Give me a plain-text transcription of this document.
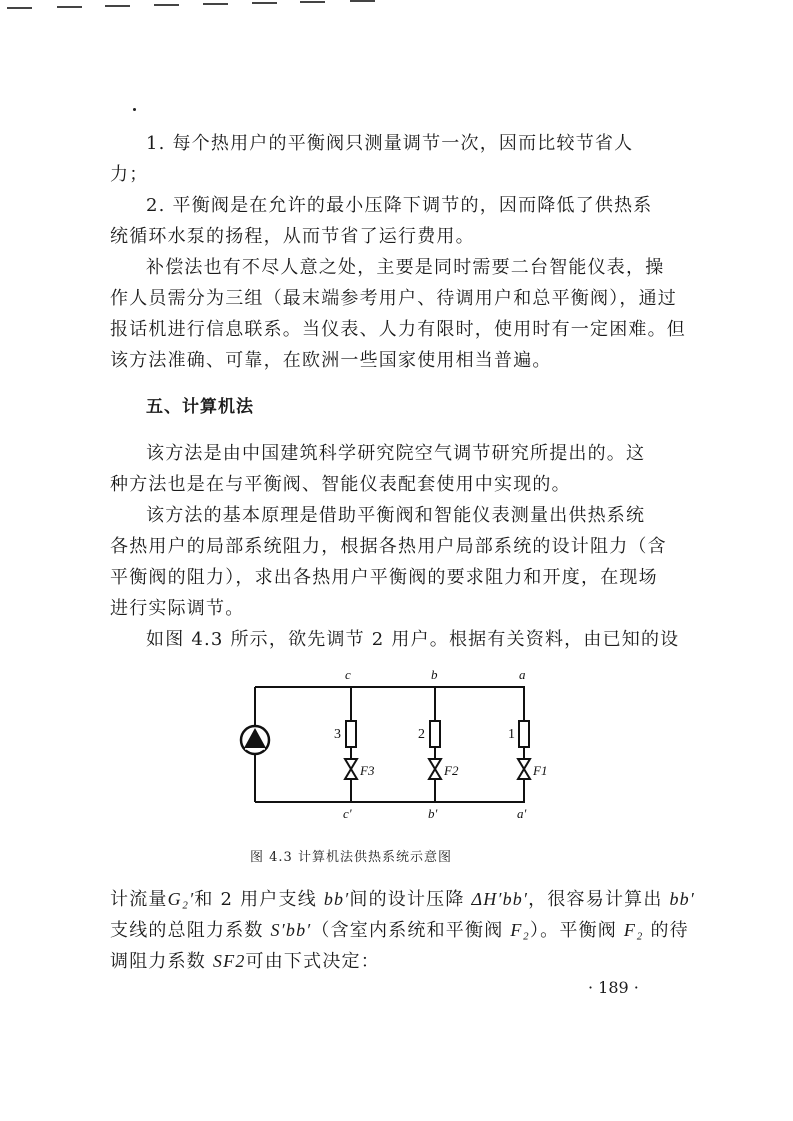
1. 每个热用户的平衡阀只测量调节一次，因而比较节省人
力；

2. 平衡阀是在允许的最小压降下调节的，因而降低了供热系
统循环水泵的扬程，从而节省了运行费用。

补偿法也有不尽人意之处，主要是同时需要二台智能仪表，操
作人员需分为三组（最末端参考用户、待调用户和总平衡阀），通过
报话机进行信息联系。当仪表、人力有限时，使用时有一定困难。但
该方法准确、可靠，在欧洲一些国家使用相当普遍。

五、计算机法

该方法是由中国建筑科学研究院空气调节研究所提出的。这
种方法也是在与平衡阀、智能仪表配套使用中实现的。

该方法的基本原理是借助平衡阀和智能仪表测量出供热系统
各热用户的局部系统阻力，根据各热用户局部系统的设计阻力（含
平衡阀的阻力），求出各热用户平衡阀的要求阻力和开度，在现场
进行实际调节。

如图 4.3 所示，欲先调节 2 用户。根据有关资料，由已知的设

c	b	a
c'	b'	a'
F3	F2	F1
3	2	1
图 4.3 计算机法供热系统示意图

计流量G₂′和 2 用户支线 bb′间的设计压降 ΔH′bb′，很容易计算出 bb′
支线的总阻力系数 S′bb′（含室内系统和平衡阀 F₂）。平衡阀 F₂ 的待
调阻力系数 SF2可由下式决定：

· 189 ·
